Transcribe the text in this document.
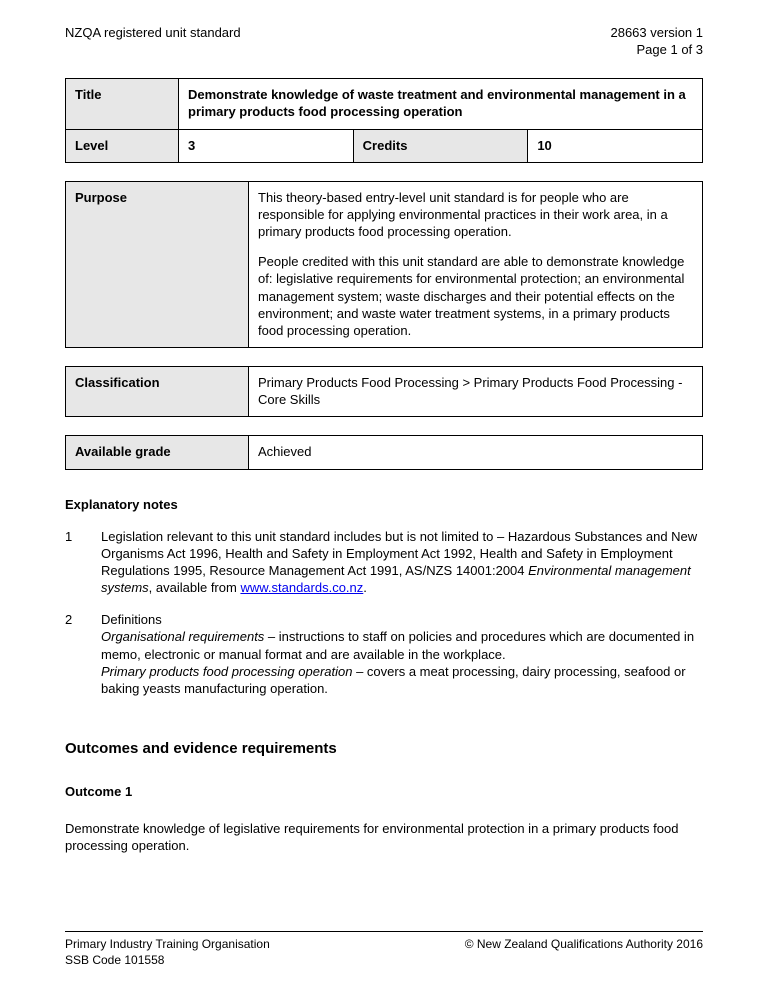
NZQA registered unit standard	28663 version 1
Page 1 of 3
Title	Demonstrate knowledge of waste treatment and environmental management in a primary products food processing operation		
Level	3	Credits	10
Purpose	This theory-based entry-level unit standard is for people who are responsible for applying environmental practices in their work area, in a primary products food processing operation.

People credited with this unit standard are able to demonstrate knowledge of: legislative requirements for environmental protection; an environmental management system; waste discharges and their potential effects on the environment; and waste water treatment systems, in a primary products food processing operation.

Classification	Primary Products Food Processing > Primary Products Food Processing - Core Skills
Available grade	Achieved
Explanatory notes
1	Legislation relevant to this unit standard includes but is not limited to – Hazardous Substances and New Organisms Act 1996, Health and Safety in Employment Act 1992, Health and Safety in Employment Regulations 1995, Resource Management Act 1991, AS/NZS 14001:2004 Environmental management systems, available from www.standards.co.nz.
2	Definitions
Organisational requirements – instructions to staff on policies and procedures which are documented in memo, electronic or manual format and are available in the workplace.
Primary products food processing operation – covers a meat processing, dairy processing, seafood or baking yeasts manufacturing operation.
Outcomes and evidence requirements
Outcome 1
Demonstrate knowledge of legislative requirements for environmental protection in a primary products food processing operation.
Primary Industry Training Organisation
SSB Code 101558
© New Zealand Qualifications Authority 2016
